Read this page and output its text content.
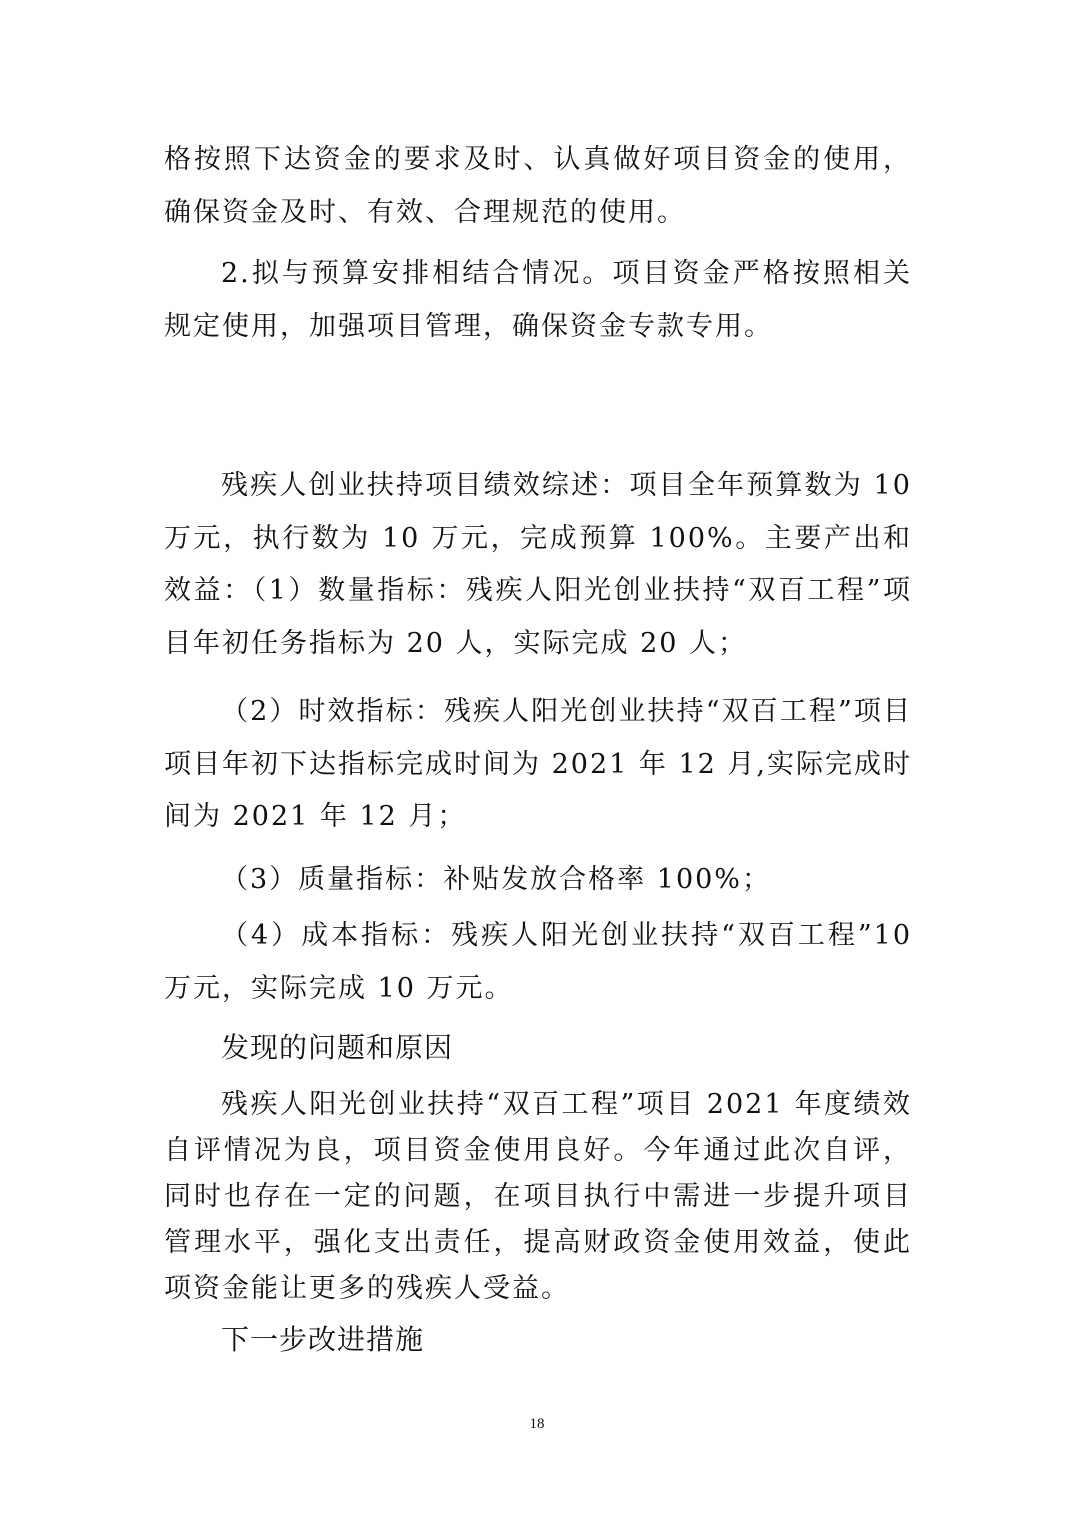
格按照下达资金的要求及时、认真做好项目资金的使用，确保资金及时、有效、合理规范的使用。

2.拟与预算安排相结合情况。项目资金严格按照相关规定使用，加强项目管理，确保资金专款专用。

残疾人创业扶持项目绩效综述：项目全年预算数为 10 万元，执行数为 10 万元，完成预算 100%。主要产出和效益：（1）数量指标：残疾人阳光创业扶持“双百工程”项目年初任务指标为 20 人，实际完成 20 人；

（2）时效指标：残疾人阳光创业扶持“双百工程”项目项目年初下达指标完成时间为 2021 年 12 月,实际完成时间为 2021 年 12 月；

（3）质量指标：补贴发放合格率 100%；

（4）成本指标：残疾人阳光创业扶持“双百工程”10 万元，实际完成 10 万元。

发现的问题和原因

残疾人阳光创业扶持“双百工程”项目 2021 年度绩效自评情况为良，项目资金使用良好。今年通过此次自评，同时也存在一定的问题，在项目执行中需进一步提升项目管理水平，强化支出责任，提高财政资金使用效益，使此项资金能让更多的残疾人受益。

下一步改进措施

18
